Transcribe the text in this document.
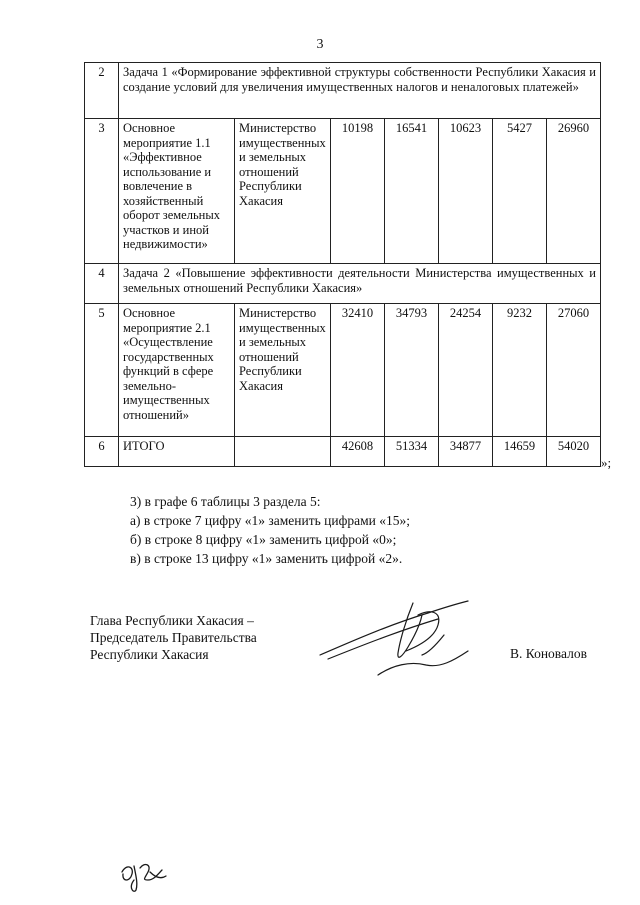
3
2	Задача 1 «Формирование эффективной структуры собственности Республики Хакасия и создание условий для увеличения имущественных налогов и неналоговых платежей»						
3	Основное мероприятие 1.1 «Эффективное использование и вовлечение в хозяйственный оборот земельных участков и иной недвижимости»	Министерство имущественных и земельных отношений Республики Хакасия	10198	16541	10623	5427	26960
4	Задача 2 «Повышение эффективности деятельности Министерства имущественных и земельных отношений Республики Хакасия»						
5	Основное мероприятие 2.1 «Осуществление государственных функций в сфере земельно-имущественных отношений»	Министерство имущественных и земельных отношений Республики Хакасия	32410	34793	24254	9232	27060
6	ИТОГО		42608	51334	34877	14659	54020
»;
3) в графе 6 таблицы 3 раздела 5:
а) в строке 7 цифру «1» заменить цифрами «15»;
б) в строке 8 цифру «1» заменить цифрой «0»;
в) в строке 13 цифру «1» заменить цифрой «2».
Глава Республики Хакасия –
Председатель Правительства
Республики Хакасия	В. Коновалов
